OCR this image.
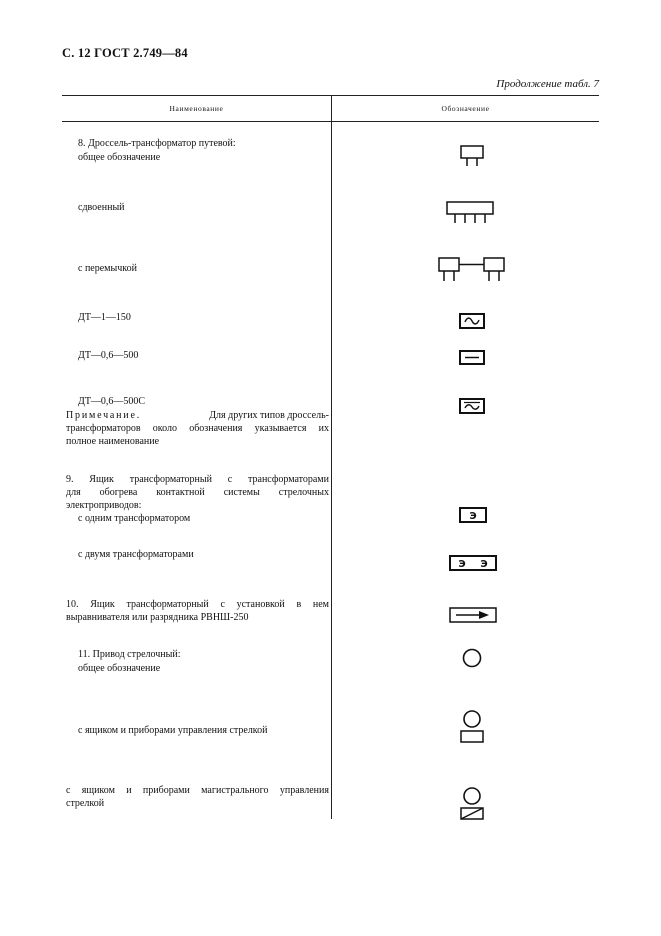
С. 12 ГОСТ 2.749—84
Продолжение табл. 7
Наименование	Обозначение
8. Дроссель-трансформатор путевой:
общее обозначение
сдвоенный
с перемычкой
ДТ—1—150
ДТ—0,6—500
ДТ—0,6—500С
Примечание.	Для других типов дроссель-
трансформаторов около обозначения указывается их
полное наименование
9. Ящик трансформаторный с трансформаторами
для обогрева контактной системы стрелочных
электроприводов:
с одним трансформатором
с двумя трансформаторами
10. Ящик трансформаторный с установкой в нем
выравнивателя или разрядника РВНШ-250
11. Привод стрелочный:
общее обозначение
с ящиком и приборами управления стрелкой
с ящиком и приборами магистрального управления
стрелкой
Э
Э Э
